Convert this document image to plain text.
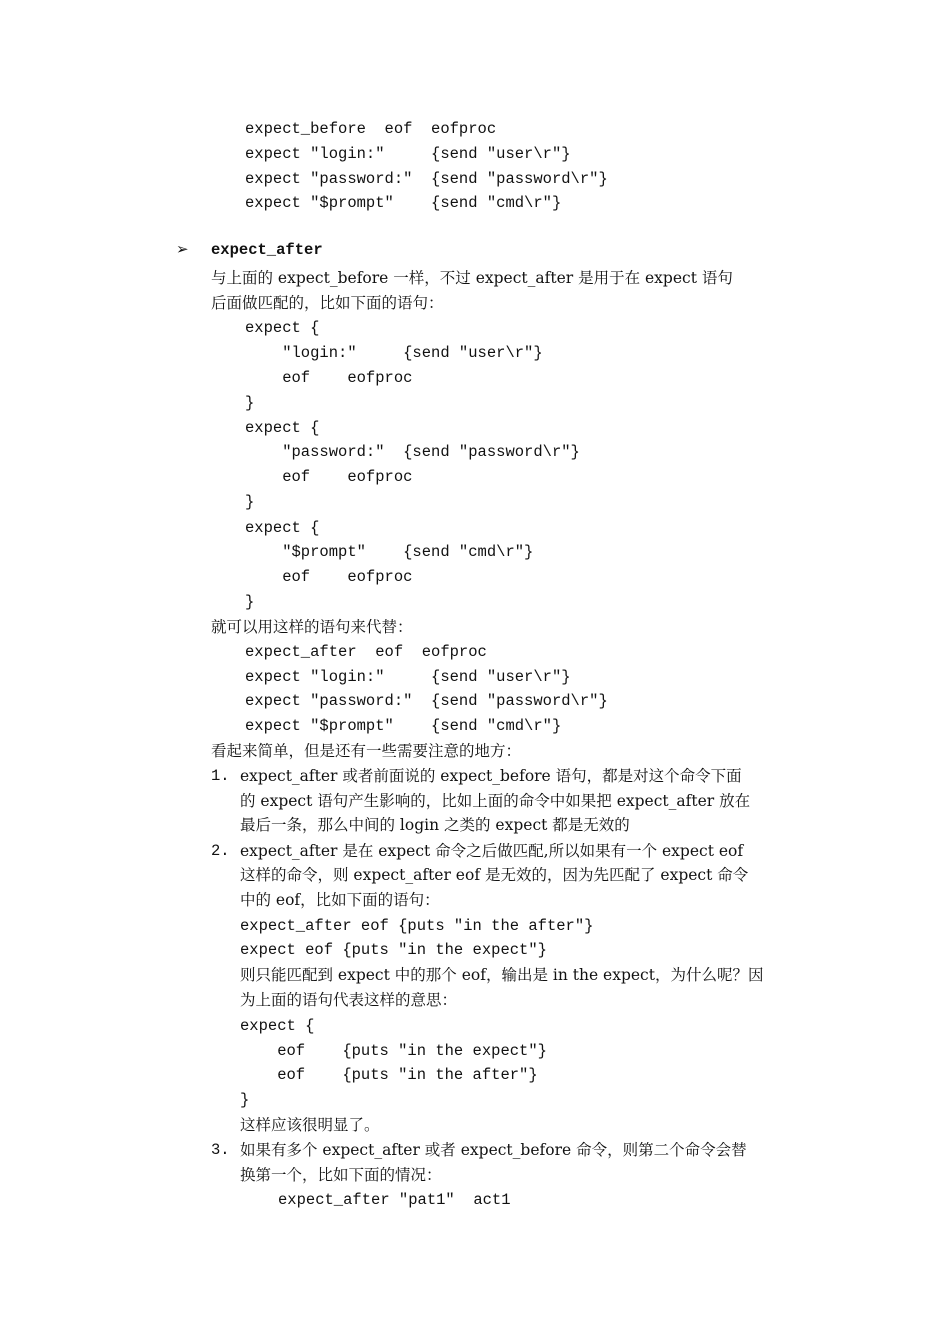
expect_before  eof  eofproc
expect "login:"     {send "user\r"}
expect "password:"  {send "password\r"}
expect "$prompt"    {send "cmd\r"}
➢ expect_after
与上面的 expect_before 一样，不过 expect_after 是用于在 expect 语句
后面做匹配的，比如下面的语句：
expect {
"login:"     {send "user\r"}
eof    eofproc
}
expect {
"password:"  {send "password\r"}
eof    eofproc
}
expect {
"$prompt"    {send "cmd\r"}
eof    eofproc
}
就可以用这样的语句来代替：
expect_after  eof  eofproc
expect "login:"     {send "user\r"}
expect "password:"  {send "password\r"}
expect "$prompt"    {send "cmd\r"}
看起来简单，但是还有一些需要注意的地方：
1. expect_after 或者前面说的 expect_before 语句，都是对这个命令下面
的 expect 语句产生影响的，比如上面的命令中如果把 expect_after 放在
最后一条，那么中间的 login 之类的 expect 都是无效的
2. expect_after 是在 expect 命令之后做匹配,所以如果有一个 expect eof
这样的命令，则 expect_after eof 是无效的，因为先匹配了 expect 命令
中的 eof，比如下面的语句：
expect_after eof {puts "in the after"}
expect eof {puts "in the expect"}
则只能匹配到 expect 中的那个 eof，输出是 in the expect，为什么呢？因
为上面的语句代表这样的意思：
expect {
eof    {puts "in the expect"}
eof    {puts "in the after"}
}
这样应该很明显了。
3. 如果有多个 expect_after 或者 expect_before 命令，则第二个命令会替
换第一个，比如下面的情况：
expect_after "pat1"  act1
